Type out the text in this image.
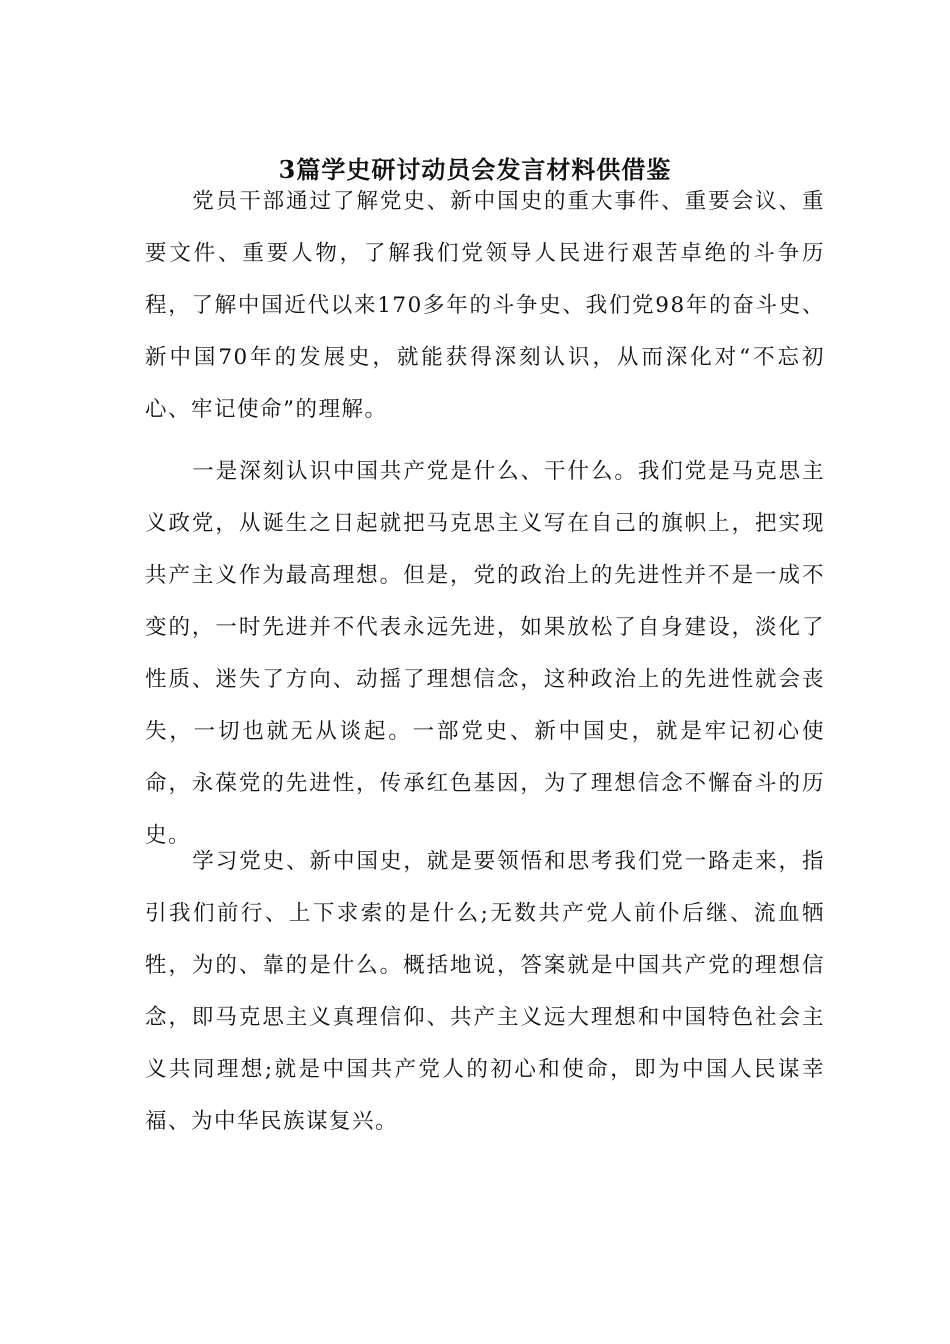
3篇学史研讨动员会发言材料供借鉴

党员干部通过了解党史、新中国史的重大事件、重要会议、重要文件、重要人物，了解我们党领导人民进行艰苦卓绝的斗争历程，了解中国近代以来170多年的斗争史、我们党98年的奋斗史、新中国70年的发展史，就能获得深刻认识，从而深化对“不忘初心、牢记使命”的理解。

一是深刻认识中国共产党是什么、干什么。我们党是马克思主义政党，从诞生之日起就把马克思主义写在自己的旗帜上，把实现共产主义作为最高理想。但是，党的政治上的先进性并不是一成不变的，一时先进并不代表永远先进，如果放松了自身建设，淡化了性质、迷失了方向、动摇了理想信念，这种政治上的先进性就会丧失，一切也就无从谈起。一部党史、新中国史，就是牢记初心使命，永葆党的先进性，传承红色基因，为了理想信念不懈奋斗的历史。

学习党史、新中国史，就是要领悟和思考我们党一路走来，指引我们前行、上下求索的是什么;无数共产党人前仆后继、流血牺牲，为的、靠的是什么。概括地说，答案就是中国共产党的理想信念，即马克思主义真理信仰、共产主义远大理想和中国特色社会主义共同理想;就是中国共产党人的初心和使命，即为中国人民谋幸福、为中华民族谋复兴。
